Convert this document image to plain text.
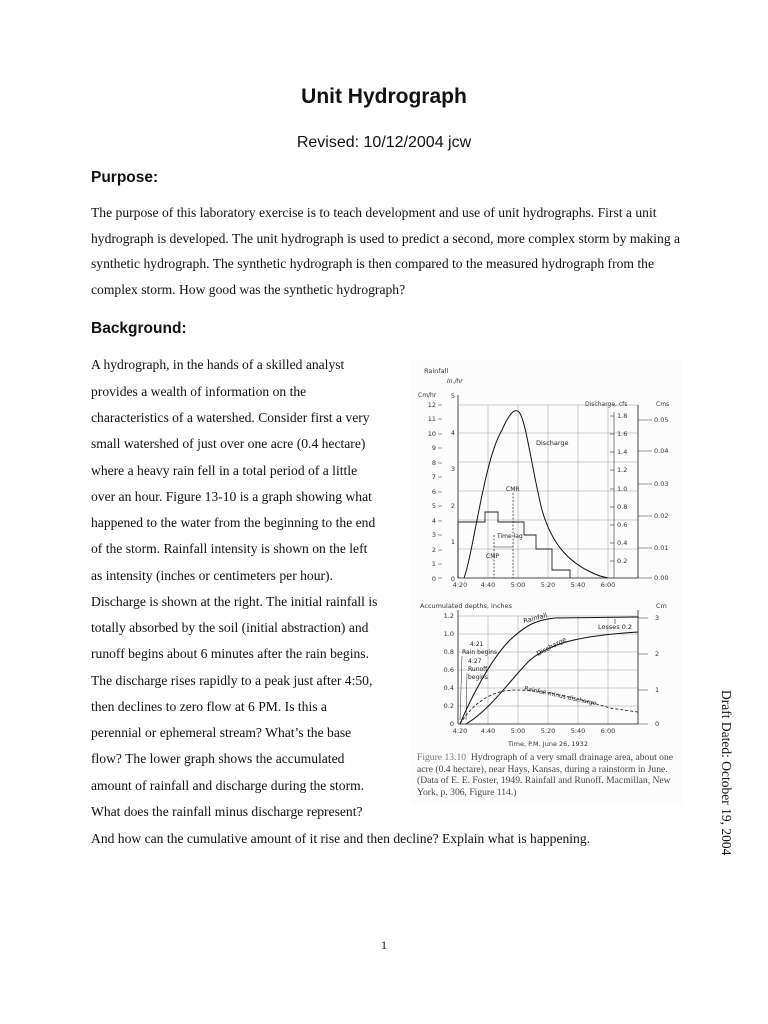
Unit Hydrograph
Revised: 10/12/2004 jcw
Purpose:
The purpose of this laboratory exercise is to teach development and use of unit hydrographs. First a unit hydrograph is developed. The unit hydrograph is used to predict a second, more complex storm by making a synthetic hydrograph. The synthetic hydrograph is then compared to the measured hydrograph from the complex storm. How good was the synthetic hydrograph?
Background:
A hydrograph, in the hands of a skilled analyst
provides a wealth of information on the
characteristics of a watershed. Consider first a very
small watershed of just over one acre (0.4 hectare)
where a heavy rain fell in a total period of a little
over an hour. Figure 13-10 is a graph showing what
happened to the water from the beginning to the end
of the storm. Rainfall intensity is shown on the left
as intensity (inches or centimeters per hour).
Discharge is shown at the right. The initial rainfall is
totally absorbed by the soil (initial abstraction) and
runoff begins about 6 minutes after the rain begins.
The discharge rises rapidly to a peak just after 4:50,
then declines to zero flow at 6 PM. Is this a
perennial or ephemeral stream? What’s the base
flow? The lower graph shows the accumulated
amount of rainfall and discharge during the storm.
What does the rainfall minus discharge represent?
And how can the cumulative amount of it rise and then decline? Explain what is happening.
Rainfall
In./hr
Cm/hr
Discharge, cfs	Cms
12
11
10
9
8
7
6
5
4
3
2
1
0
5
4
3
2
1
0
1.8
1.6
1.4
1.2
1.0
0.8
0.6
0.4
0.2
0.05
0.04
0.03
0.02
0.01
0.00
Discharge
CMR
CMP
Time lag
4:20 4:40 5:00 5:20 5:40 6:00
Accumulated depths, inches	Cm
1.2
1.0
0.8
0.6
0.4
0.2
0
3
2
1
0
Rainfall
Losses 0.2
Discharge
Rainfall minus discharge
4:21
Rain begins
4:27
Runoff
begins
4:20 4:40 5:00 5:20 5:40 6:00
Time, P.M. June 26, 1932
Figure 13.10 Hydrograph of a very small drainage area, about one acre (0.4 hectare), near Hays, Kansas, during a rainstorm in June. (Data of E. E. Foster, 1949. Rainfall and Runoff. Macmillan, New York, p. 306, Figure 114.)	Draft Dated: October 19, 2004
1
